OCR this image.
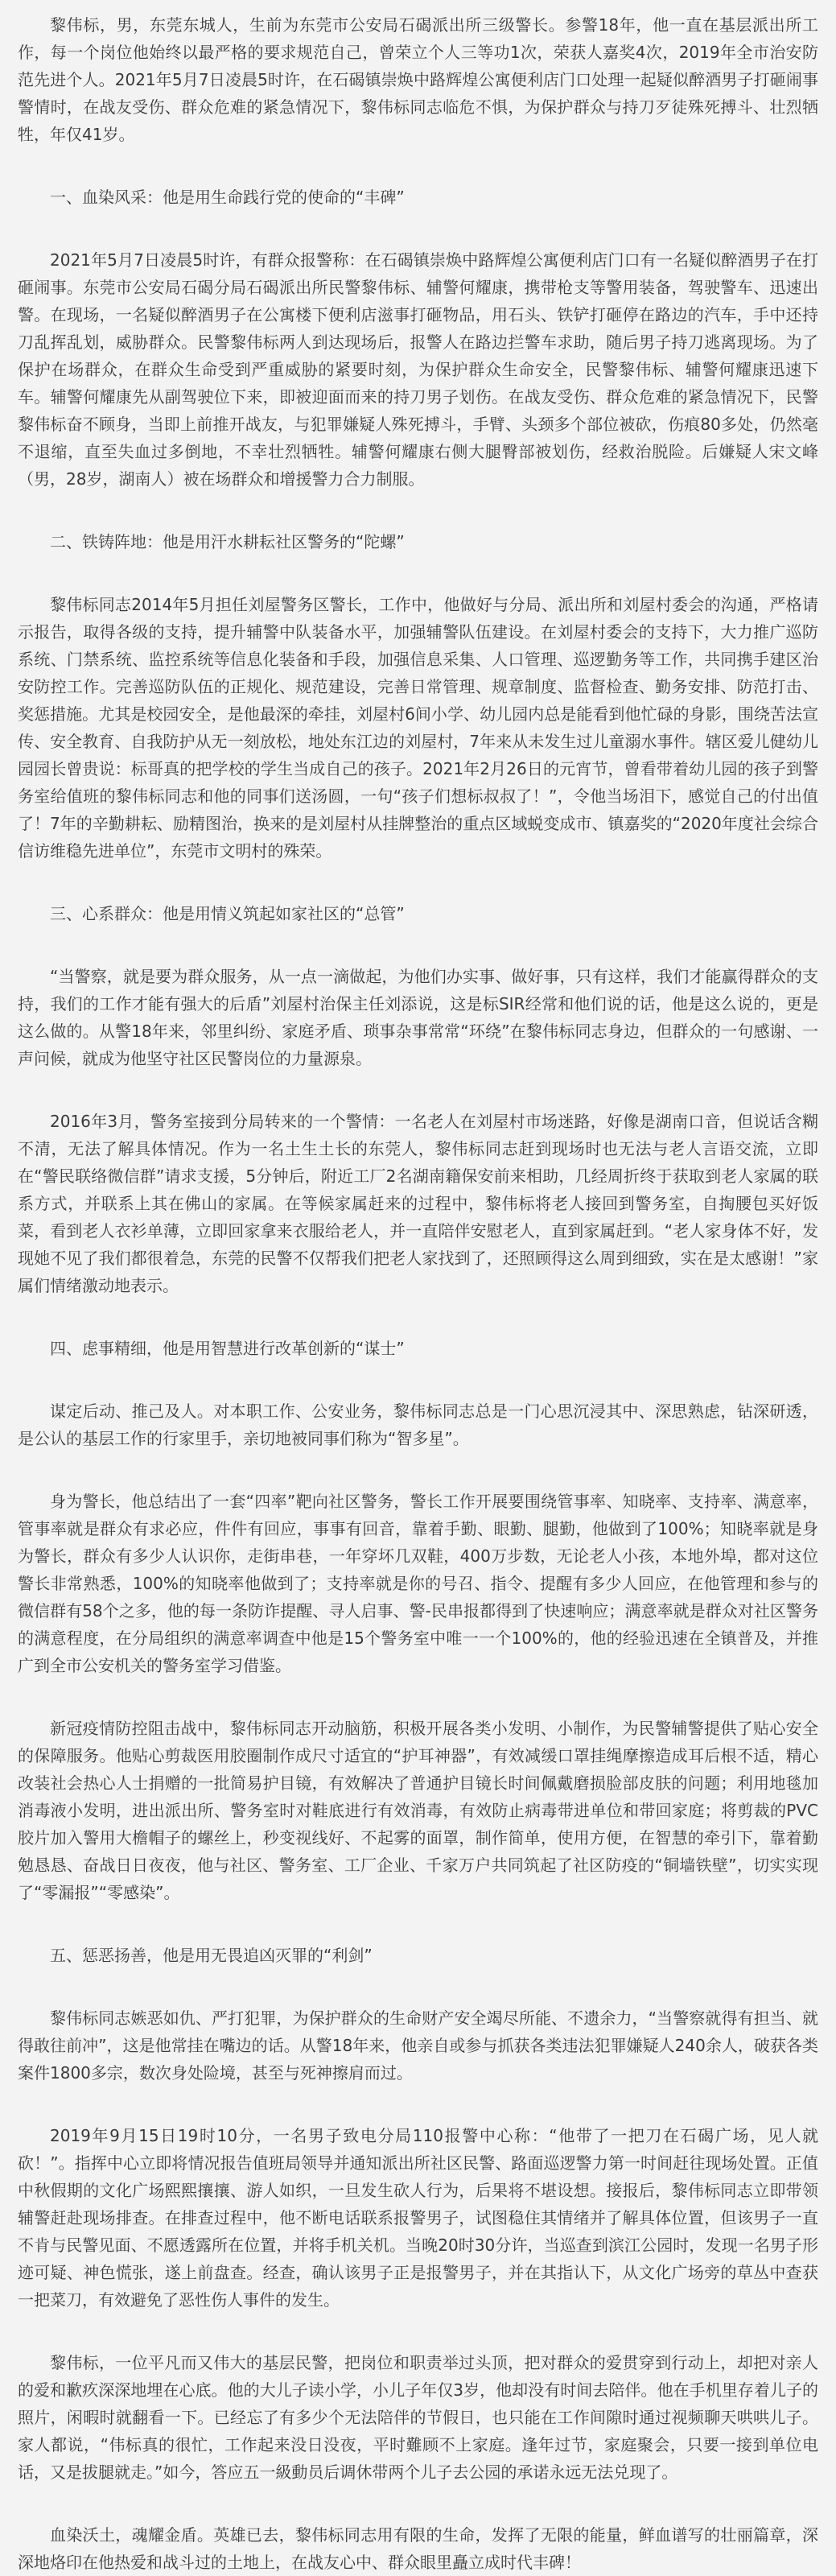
黎伟标，男，东莞东城人，生前为东莞市公安局石碣派出所三级警长。参警18年，他一直在基层派出所工作，每一个岗位他始终以最严格的要求规范自己，曾荣立个人三等功1次，荣获人嘉奖4次，2019年全市治安防范先进个人。2021年5月7日凌晨5时许，在石碣镇崇焕中路辉煌公寓便利店门口处理一起疑似醉酒男子打砸闹事警情时，在战友受伤、群众危难的紧急情况下，黎伟标同志临危不惧，为保护群众与持刀歹徒殊死搏斗、壮烈牺牲，年仅41岁。

一、血染风采：他是用生命践行党的使命的“丰碑”

2021年5月7日凌晨5时许，有群众报警称：在石碣镇崇焕中路辉煌公寓便利店门口有一名疑似醉酒男子在打砸闹事。东莞市公安局石碣分局石碣派出所民警黎伟标、辅警何耀康，携带枪支等警用装备，驾驶警车、迅速出警。在现场，一名疑似醉酒男子在公寓楼下便利店滋事打砸物品，用石头、铁铲打砸停在路边的汽车，手中还持刀乱挥乱划，威胁群众。民警黎伟标两人到达现场后，报警人在路边拦警车求助，随后男子持刀逃离现场。为了保护在场群众，在群众生命受到严重威胁的紧要时刻，为保护群众生命安全，民警黎伟标、辅警何耀康迅速下车。辅警何耀康先从副驾驶位下来，即被迎面而来的持刀男子划伤。在战友受伤、群众危难的紧急情况下，民警黎伟标奋不顾身，当即上前推开战友，与犯罪嫌疑人殊死搏斗，手臂、头颈多个部位被砍，伤痕80多处，仍然毫不退缩，直至失血过多倒地，不幸壮烈牺牲。辅警何耀康右侧大腿臀部被划伤，经救治脱险。后嫌疑人宋文峰（男，28岁，湖南人）被在场群众和增援警力合力制服。

二、铁铸阵地：他是用汗水耕耘社区警务的“陀螺”

黎伟标同志2014年5月担任刘屋警务区警长，工作中，他做好与分局、派出所和刘屋村委会的沟通，严格请示报告，取得各级的支持，提升辅警中队装备水平，加强辅警队伍建设。在刘屋村委会的支持下，大力推广巡防系统、门禁系统、监控系统等信息化装备和手段，加强信息采集、人口管理、巡逻勤务等工作，共同携手建区治安防控工作。完善巡防队伍的正规化、规范建设，完善日常管理、规章制度、监督检查、勤务安排、防范打击、奖惩措施。尤其是校园安全，是他最深的牵挂，刘屋村6间小学、幼儿园内总是能看到他忙碌的身影，围绕苦法宣传、安全教育、自我防护从无一刻放松，地处东江边的刘屋村，7年来从未发生过儿童溺水事件。辖区爱儿健幼儿园园长曾贵说：标哥真的把学校的学生当成自己的孩子。2021年2月26日的元宵节，曾看带着幼儿园的孩子到警务室给值班的黎伟标同志和他的同事们送汤圆，一句“孩子们想标叔叔了！”，令他当场泪下，感觉自己的付出值了！7年的辛勤耕耘、励精图治，换来的是刘屋村从挂牌整治的重点区域蜕变成市、镇嘉奖的“2020年度社会综合信访维稳先进单位”，东莞市文明村的殊荣。

三、心系群众：他是用情义筑起如家社区的“总管”

“当警察，就是要为群众服务，从一点一滴做起，为他们办实事、做好事，只有这样，我们才能赢得群众的支持，我们的工作才能有强大的后盾”刘屋村治保主任刘添说，这是标SIR经常和他们说的话，他是这么说的，更是这么做的。从警18年来，邻里纠纷、家庭矛盾、琐事杂事常常“环绕”在黎伟标同志身边，但群众的一句感谢、一声问候，就成为他坚守社区民警岗位的力量源泉。

2016年3月，警务室接到分局转来的一个警情：一名老人在刘屋村市场迷路，好像是湖南口音，但说话含糊不清，无法了解具体情况。作为一名土生土长的东莞人，黎伟标同志赶到现场时也无法与老人言语交流，立即在“警民联络微信群”请求支援，5分钟后，附近工厂2名湖南籍保安前来相助，几经周折终于获取到老人家属的联系方式，并联系上其在佛山的家属。在等候家属赶来的过程中，黎伟标将老人接回到警务室，自掏腰包买好饭菜，看到老人衣衫单薄，立即回家拿来衣服给老人，并一直陪伴安慰老人，直到家属赶到。“老人家身体不好，发现她不见了我们都很着急，东莞的民警不仅帮我们把老人家找到了，还照顾得这么周到细致，实在是太感谢！”家属们情绪激动地表示。

四、虑事精细，他是用智慧进行改革创新的“谋士”

谋定后动、推己及人。对本职工作、公安业务，黎伟标同志总是一门心思沉浸其中、深思熟虑，钻深研透，是公认的基层工作的行家里手，亲切地被同事们称为“智多星”。

身为警长，他总结出了一套“四率”靶向社区警务，警长工作开展要围绕管事率、知晓率、支持率、满意率，管事率就是群众有求必应，件件有回应，事事有回音，靠着手勤、眼勤、腿勤，他做到了100%；知晓率就是身为警长，群众有多少人认识你，走街串巷，一年穿坏几双鞋，400万步数，无论老人小孩，本地外埠，都对这位警长非常熟悉，100%的知晓率他做到了；支持率就是你的号召、指令、提醒有多少人回应，在他管理和参与的微信群有58个之多，他的每一条防诈提醒、寻人启事、警-民串报都得到了快速响应；满意率就是群众对社区警务的满意程度，在分局组织的满意率调查中他是15个警务室中唯一一个100%的，他的经验迅速在全镇普及，并推广到全市公安机关的警务室学习借鉴。

新冠疫情防控阻击战中，黎伟标同志开动脑筋，积极开展各类小发明、小制作，为民警辅警提供了贴心安全的保障服务。他贴心剪裁医用胶圈制作成尺寸适宜的“护耳神器”，有效减缓口罩挂绳摩擦造成耳后根不适，精心改装社会热心人士捐赠的一批简易护目镜，有效解决了普通护目镜长时间佩戴磨损脸部皮肤的问题；利用地毯加消毒液小发明，进出派出所、警务室时对鞋底进行有效消毒，有效防止病毒带进单位和带回家庭；将剪裁的PVC胶片加入警用大檐帽子的螺丝上，秒变视线好、不起雾的面罩，制作简单，使用方便，在智慧的牵引下，靠着勤勉恳恳、奋战日日夜夜，他与社区、警务室、工厂企业、千家万户共同筑起了社区防疫的“铜墙铁壁”，切实实现了“零漏报”“零感染”。

五、惩恶扬善，他是用无畏追凶灭罪的“利剑”

黎伟标同志嫉恶如仇、严打犯罪，为保护群众的生命财产安全竭尽所能、不遗余力，“当警察就得有担当、就得敢往前冲”，这是他常挂在嘴边的话。从警18年来，他亲自或参与抓获各类违法犯罪嫌疑人240余人，破获各类案件1800多宗，数次身处险境，甚至与死神擦肩而过。

2019年9月15日19时10分，一名男子致电分局110报警中心称：“他带了一把刀在石碣广场，见人就砍！”。指挥中心立即将情况报告值班局领导并通知派出所社区民警、路面巡逻警力第一时间赶往现场处置。正值中秋假期的文化广场熙熙攘攘、游人如织，一旦发生砍人行为，后果将不堪设想。接报后，黎伟标同志立即带领辅警赶赴现场排查。在排查过程中，他不断电话联系报警男子，试图稳住其情绪并了解具体位置，但该男子一直不肯与民警见面、不愿透露所在位置，并将手机关机。当晚20时30分许，当巡查到滨江公园时，发现一名男子形迹可疑、神色慌张，遂上前盘查。经查，确认该男子正是报警男子，并在其指认下，从文化广场旁的草丛中查获一把菜刀，有效避免了恶性伤人事件的发生。

黎伟标，一位平凡而又伟大的基层民警，把岗位和职责举过头顶，把对群众的爱贯穿到行动上，却把对亲人的爱和歉疚深深地埋在心底。他的大儿子读小学，小儿子年仅3岁，他却没有时间去陪伴。他在手机里存着儿子的照片，闲暇时就翻看一下。已经忘了有多少个无法陪伴的节假日，也只能在工作间隙时通过视频聊天哄哄儿子。家人都说，“伟标真的很忙，工作起来没日没夜，平时難顾不上家庭。逢年过节，家庭聚会，只要一接到单位电话，又是拔腿就走。”如今，答应五一級動员后调休带两个儿子去公园的承诺永远无法兑现了。

血染沃土，魂耀金盾。英雄已去，黎伟标同志用有限的生命，发挥了无限的能量，鲜血谱写的壮丽篇章，深深地烙印在他热爱和战斗过的土地上，在战友心中、群众眼里矗立成时代丰碑！
